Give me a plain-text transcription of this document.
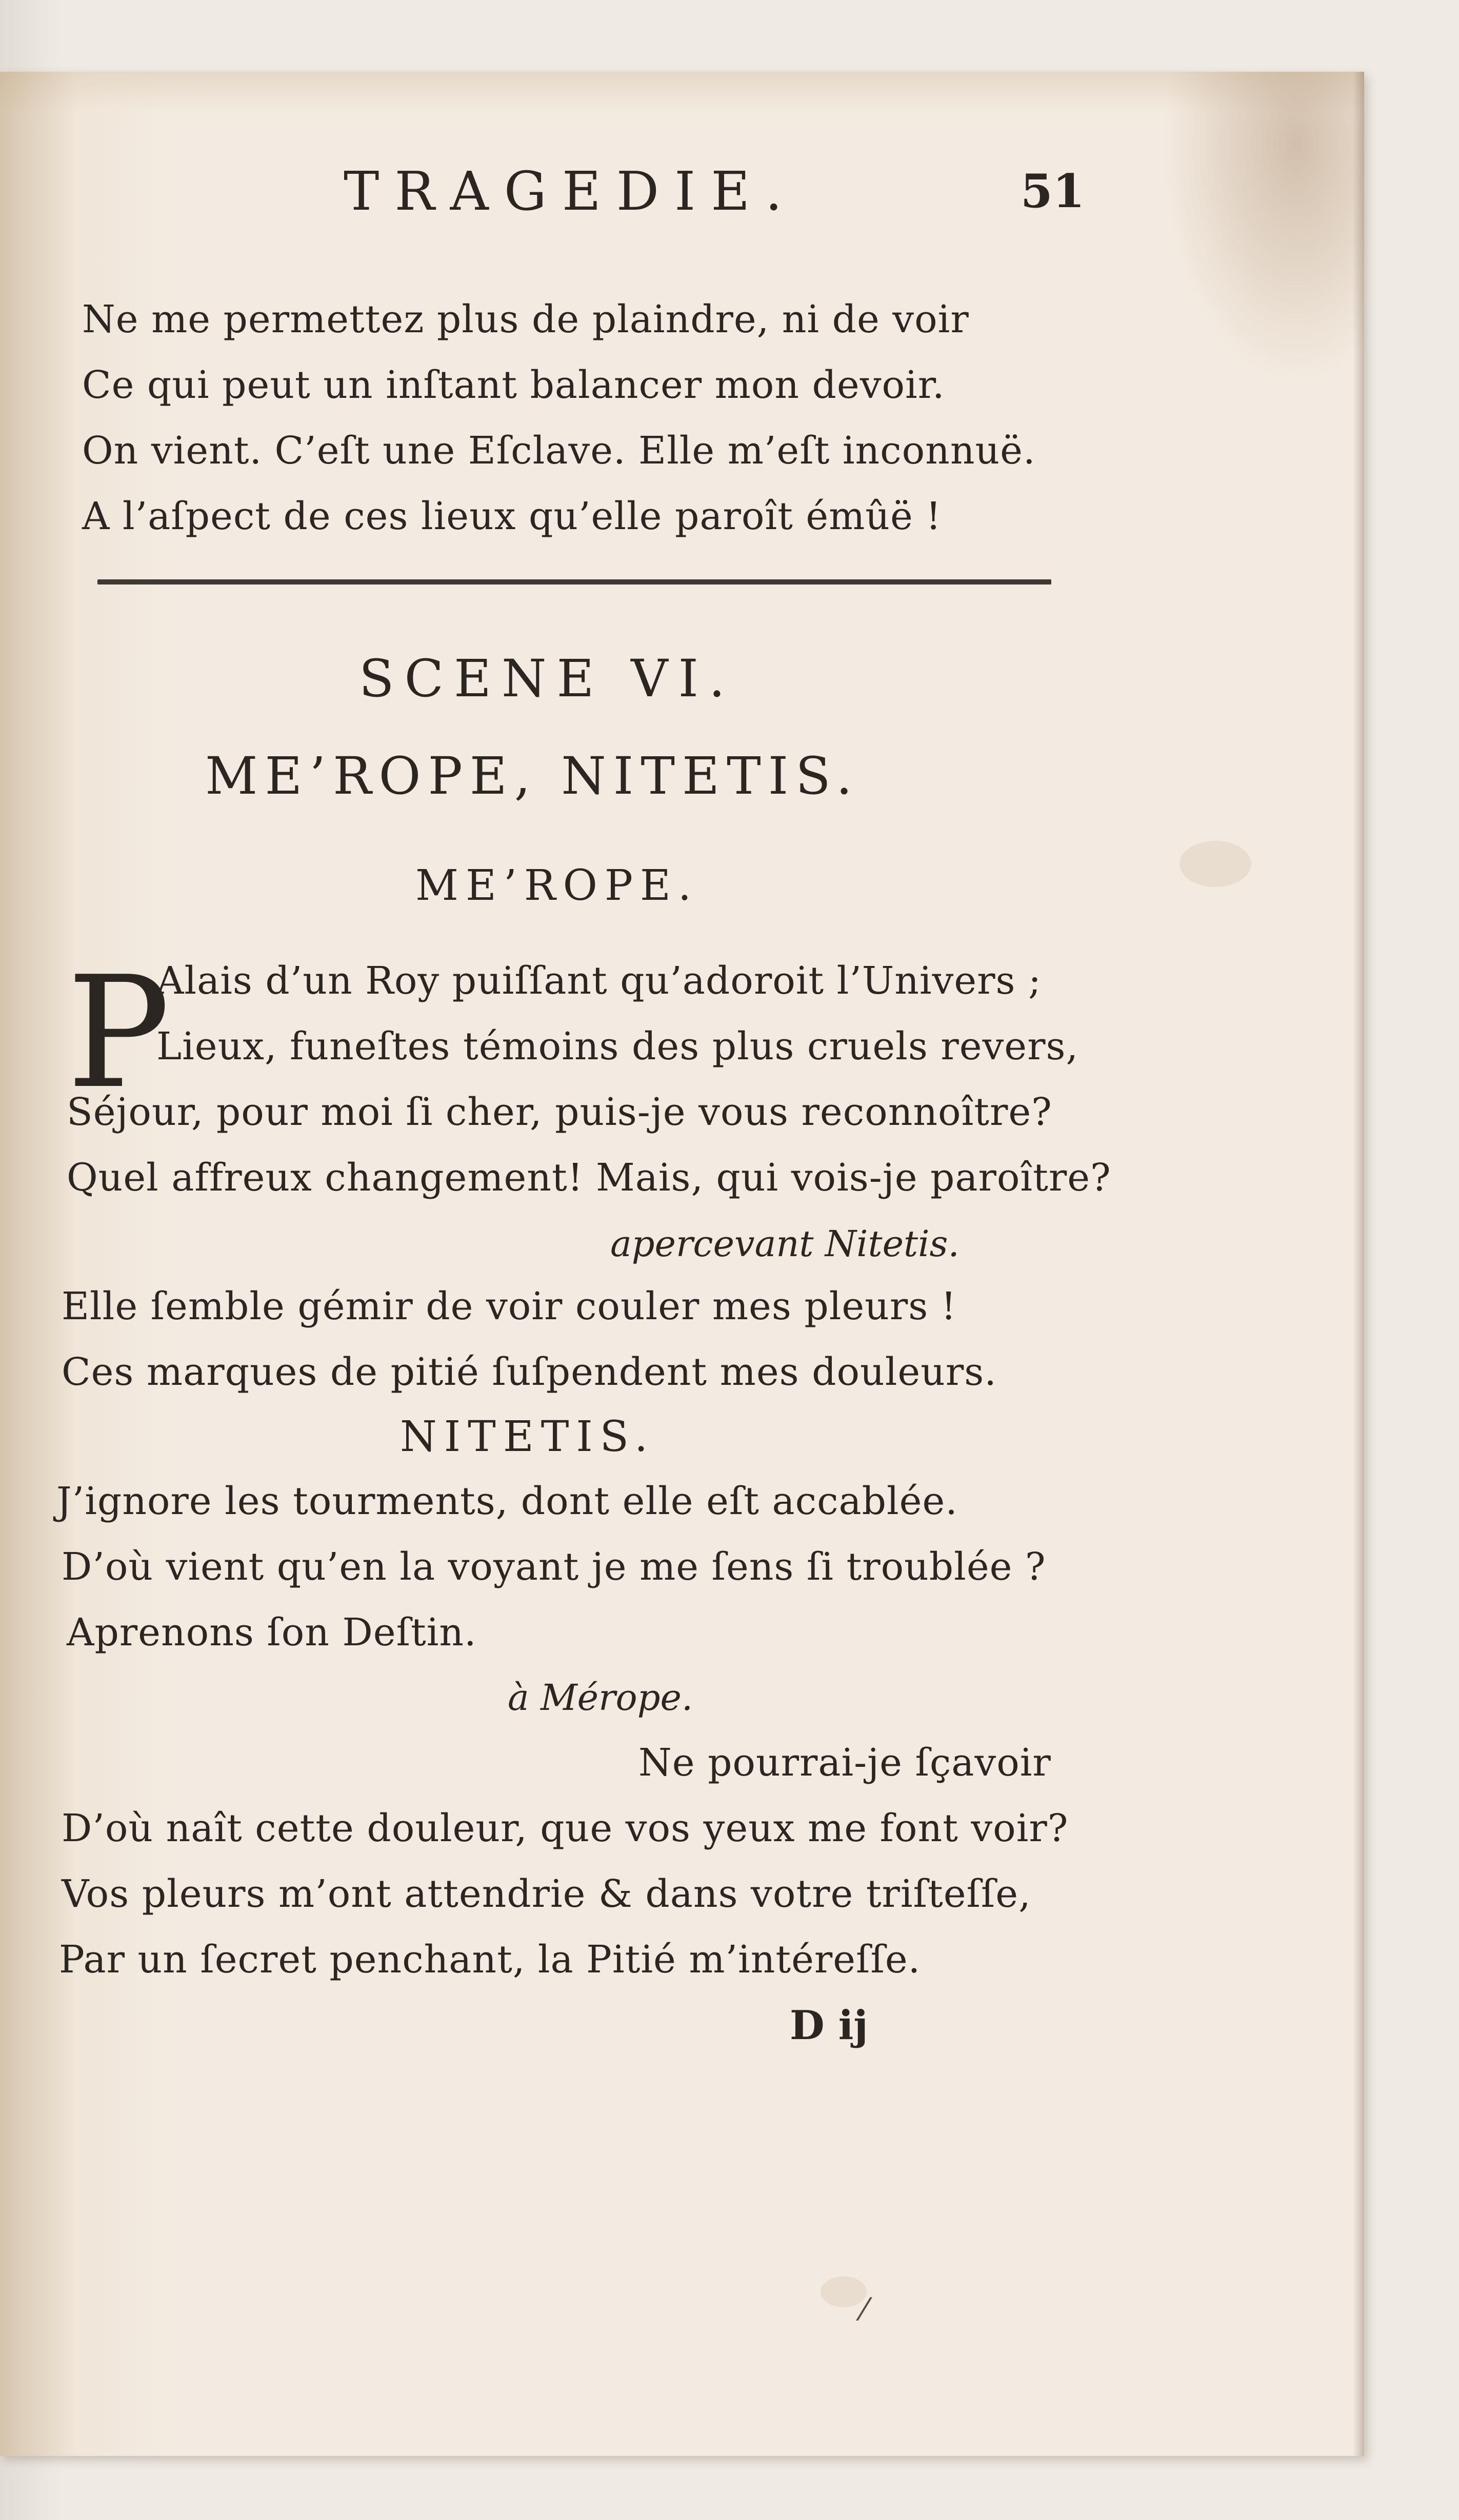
⁄
TRAGEDIE.	51
Ne me permettez plus de plaindre, ni de voir
Ce qui peut un inſtant balancer mon devoir.
On vient. C’eſt une Eſclave. Elle m’eſt inconnuë.
A l’aſpect de ces lieux qu’elle paroît émûë !
SCENE VI.
ME’ROPE, NITETIS.
ME’ROPE.
P
Alais d’un Roy puiſſant qu’adoroit l’Univers ;
Lieux, funeſtes témoins des plus cruels revers,
Séjour, pour moi ſi cher, puis-je vous reconnoître?
Quel affreux changement! Mais, qui vois-je paroître?
apercevant Nitetis.
Elle ſemble gémir de voir couler mes pleurs !
Ces marques de pitié ſuſpendent mes douleurs.
NITETIS.
J’ignore les tourments, dont elle eſt accablée.
D’où vient qu’en la voyant je me ſens ſi troublée ?
Aprenons ſon Deſtin.
à Mérope.
Ne pourrai-je ſçavoir
D’où naît cette douleur, que vos yeux me font voir?
Vos pleurs m’ont attendrie & dans votre triſteſſe,
Par un ſecret penchant, la Pitié m’intéreſſe.
D ij
